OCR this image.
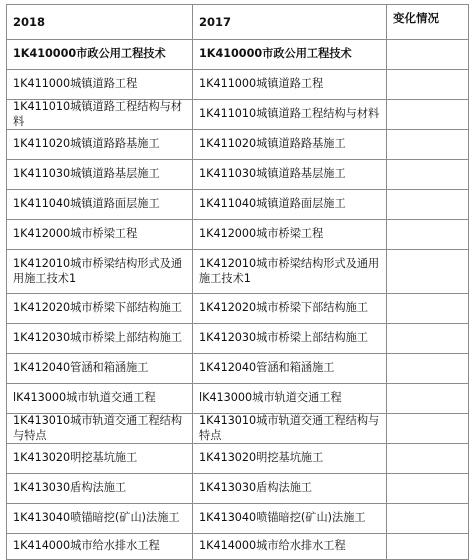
2018	2017	变化情况
1K410000市政公用工程技术	1K410000市政公用工程技术	
1K411000城镇道路工程	1K411000城镇道路工程	
1K411010城镇道路工程结构与材料	1K411010城镇道路工程结构与材料	
1K411020城镇道路路基施工	1K411020城镇道路路基施工	
1K411030城镇道路基层施工	1K411030城镇道路基层施工	
1K411040城镇道路面层施工	1K411040城镇道路面层施工	
1K412000城市桥梁工程	1K412000城市桥梁工程	
1K412010城市桥梁结构形式及通用施工技术1	1K412010城市桥梁结构形式及通用施工技术1	
1K412020城市桥梁下部结构施工	1K412020城市桥梁下部结构施工	
1K412030城市桥梁上部结构施工	1K412030城市桥梁上部结构施工	
1K412040管涵和箱涵施工	1K412040管涵和箱涵施工	
lK413000城市轨道交通工程	lK413000城市轨道交通工程	
1K413010城市轨道交通工程结构与特点	1K413010城市轨道交通工程结构与特点	
1K413020明挖基坑施工	1K413020明挖基坑施工	
1K413030盾构法施工	1K413030盾构法施工	
1K413040喷锚暗挖(矿山)法施工	1K413040喷锚暗挖(矿山)法施工	
1K414000城市给水排水工程	1K414000城市给水排水工程	
